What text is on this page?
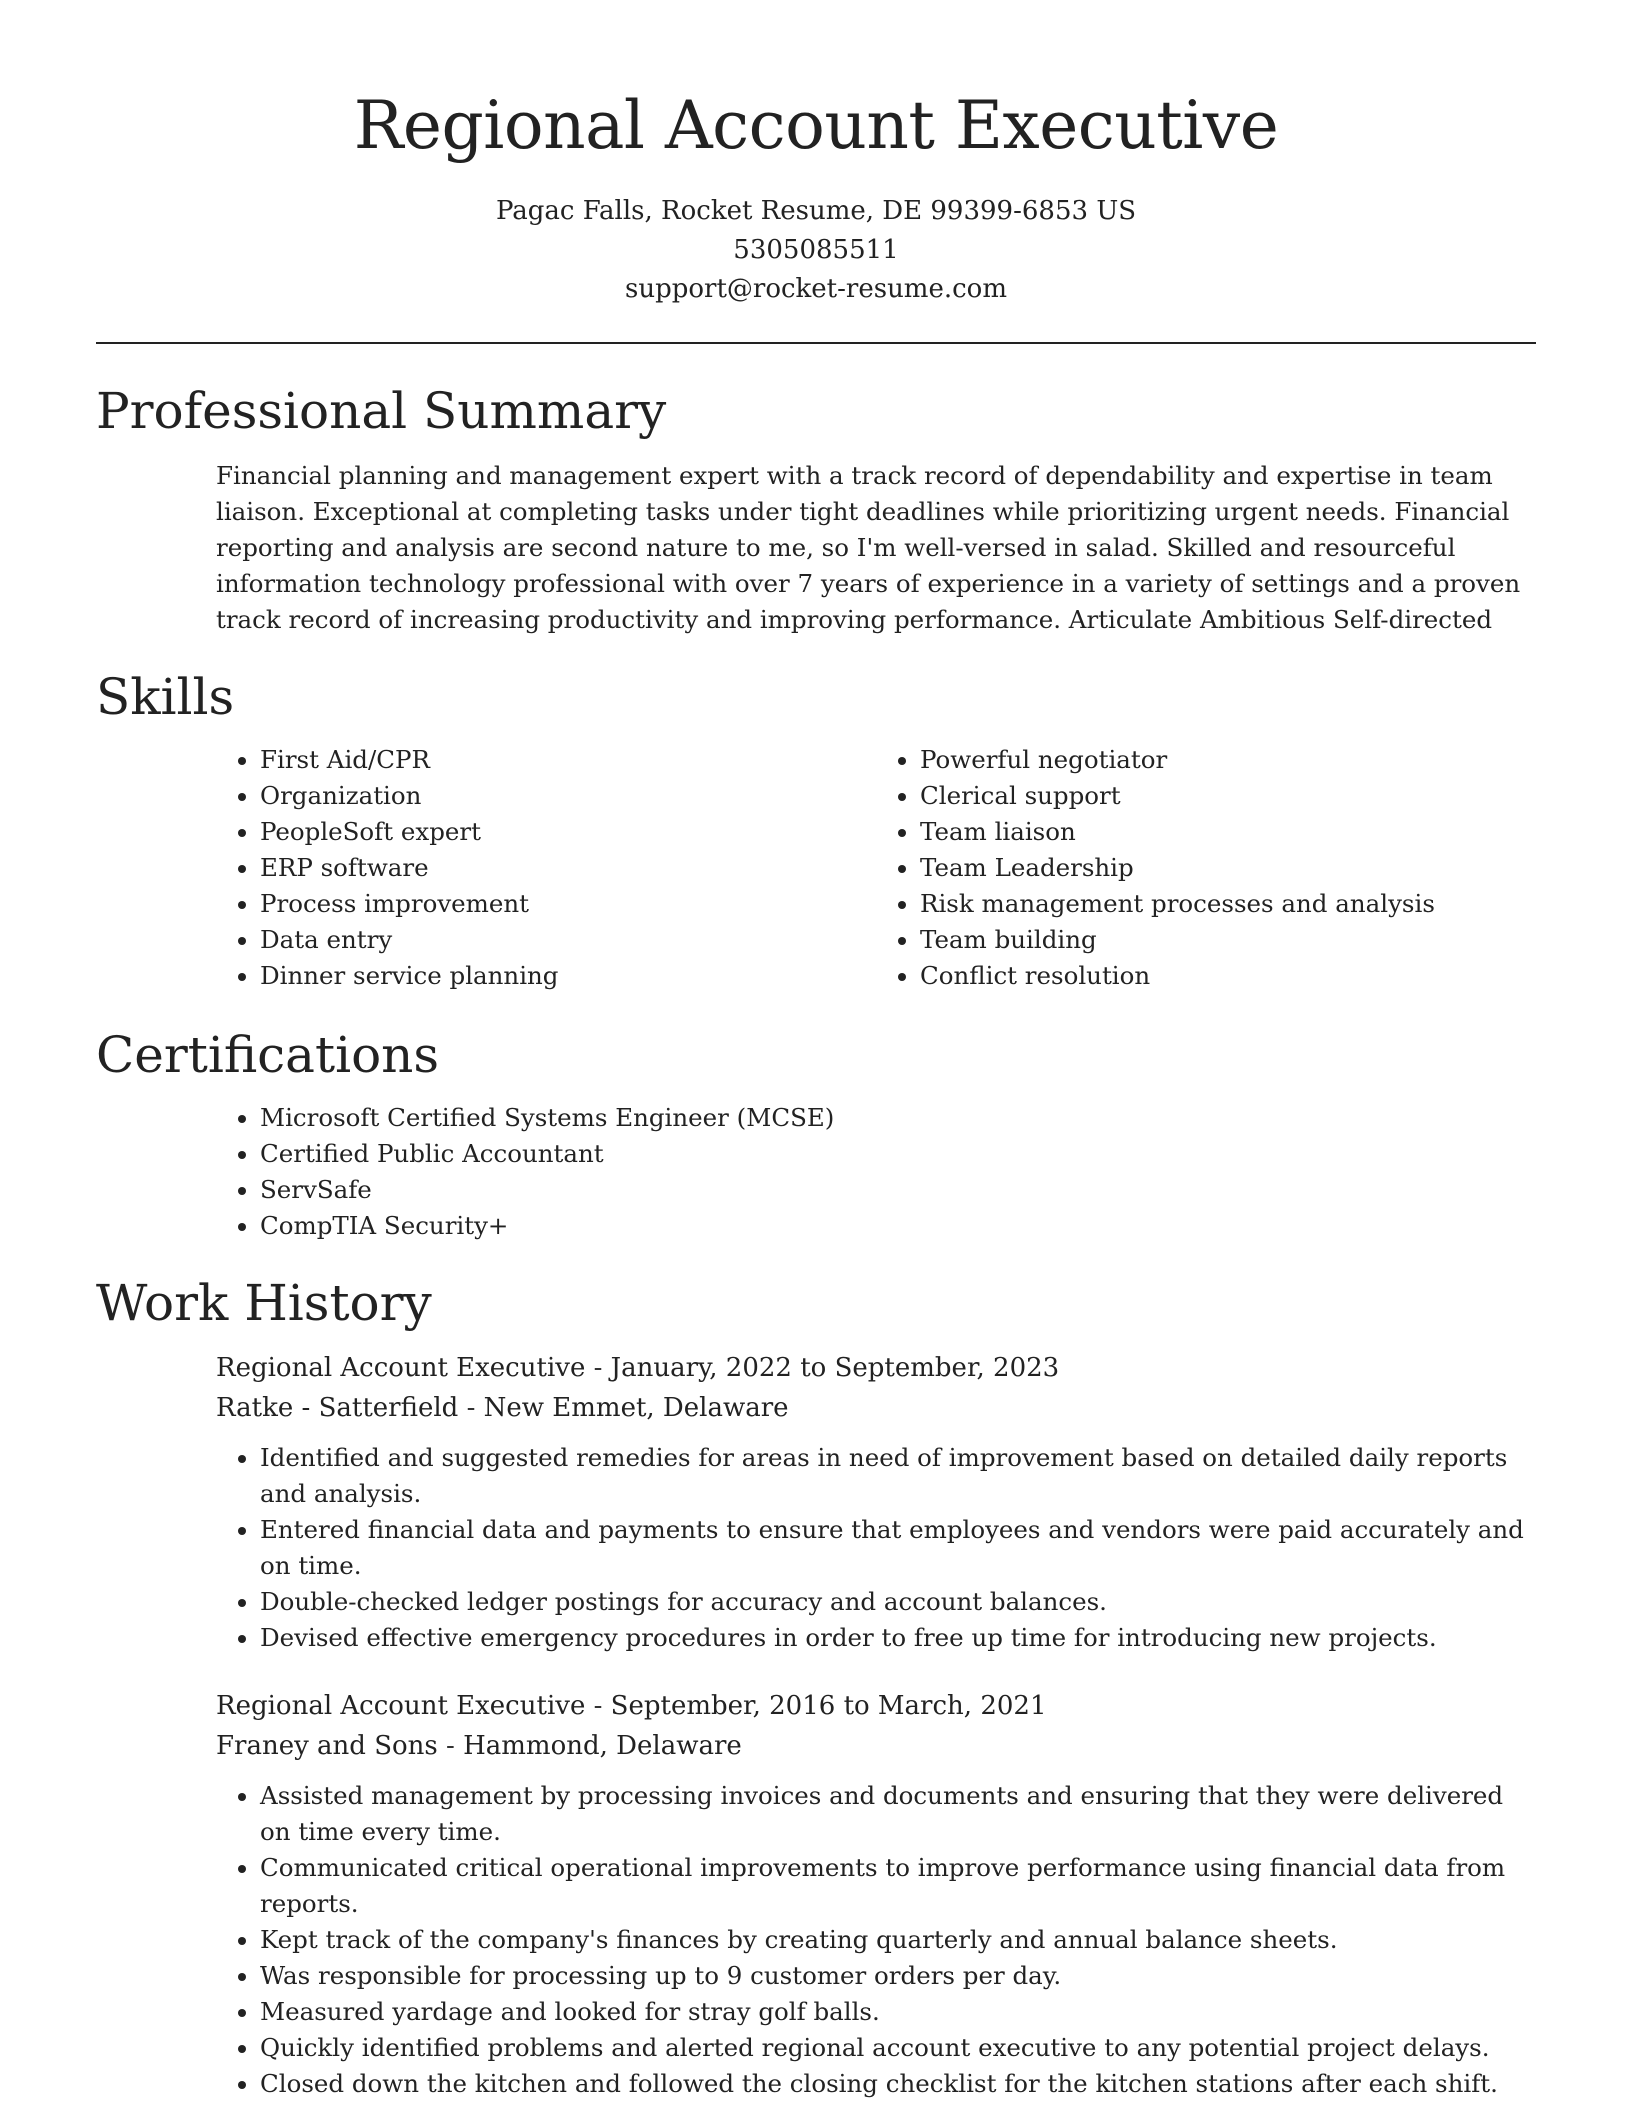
Regional Account Executive

Pagac Falls, Rocket Resume, DE 99399-6853 US

5305085511

support@rocket-resume.com

Professional Summary

Financial planning and management expert with a track record of dependability and expertise in team liaison. Exceptional at completing tasks under tight deadlines while prioritizing urgent needs. Financial reporting and analysis are second nature to me, so I'm well-versed in salad. Skilled and resourceful information technology professional with over 7 years of experience in a variety of settings and a proven track record of increasing productivity and improving performance. Articulate Ambitious Self-directed

Skills
• First Aid/CPR
• Organization
• PeopleSoft expert
• ERP software
• Process improvement
• Data entry
• Dinner service planning
• Powerful negotiator
• Clerical support
• Team liaison
• Team Leadership
• Risk management processes and analysis
• Team building
• Conflict resolution
Certifications
• Microsoft Certified Systems Engineer (MCSE)
• Certified Public Accountant
• ServSafe
• CompTIA Security+
Work History

Regional Account Executive - January, 2022 to September, 2023

Ratke - Satterfield - New Emmet, Delaware

• Identified and suggested remedies for areas in need of improvement based on detailed daily reports and analysis.
• Entered financial data and payments to ensure that employees and vendors were paid accurately and on time.
• Double-checked ledger postings for accuracy and account balances.
• Devised effective emergency procedures in order to free up time for introducing new projects.

Regional Account Executive - September, 2016 to March, 2021

Franey and Sons - Hammond, Delaware

• Assisted management by processing invoices and documents and ensuring that they were delivered on time every time.
• Communicated critical operational improvements to improve performance using financial data from reports.
• Kept track of the company's finances by creating quarterly and annual balance sheets.
• Was responsible for processing up to 9 customer orders per day.
• Measured yardage and looked for stray golf balls.
• Quickly identified problems and alerted regional account executive to any potential project delays.
• Closed down the kitchen and followed the closing checklist for the kitchen stations after each shift.
